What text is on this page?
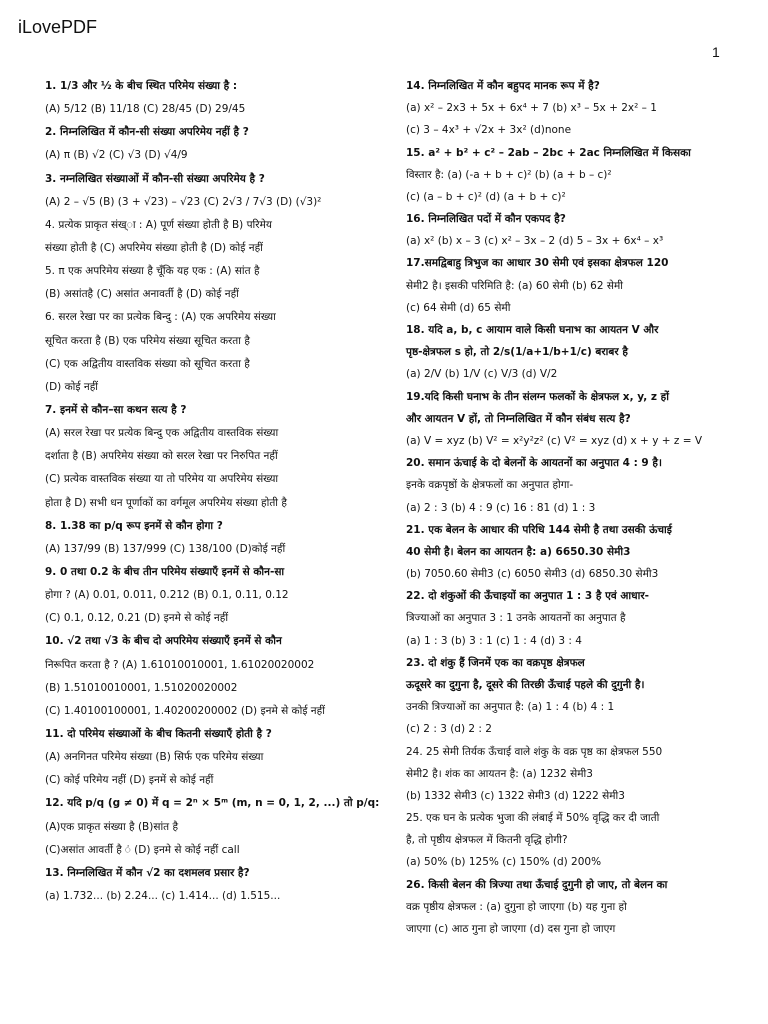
iLovePDF
1
1. 1/3 और ½ के बीच स्थित परिमेय संख्या है :
(A) 5/12 (B) 11/18 (C) 28/45 (D) 29/45
2. निम्नलिखित में कौन-सी संख्या अपरिमेय नहीं है ?
(A) π (B) √2 (C) √3 (D) √4/9
3. नम्नलिखित संख्याओं में कौन-सी संख्या अपरिमेय है ?
(A) 2 – √5 (B) (3 + √23) – √23 (C) 2√3 / 7√3 (D) (√3)²
4. प्रत्येक प्राकृत संख्ा : A) पूर्ण संख्या होती है B) परिमेय
संख्या होती है (C) अपरिमेय संख्या होती है (D) कोई नहीं
5. π एक अपरिमेय संख्या है चूँकि यह एक : (A) सांत है
(B) असांतहै (C) असांत अनावर्ती है (D) कोई नहीं
6. सरल रेखा पर का प्रत्येक बिन्दु : (A) एक अपरिमेय संख्या
सूचित करता है (B) एक परिमेय संख्या सूचित करता है
(C) एक अद्वितीय वास्तविक संख्या को सूचित करता है
(D) कोई नहीं
7. इनमें से कौन–सा कथन सत्य है ?
(A) सरल रेखा पर प्रत्येक बिन्दु एक अद्वितीय वास्तविक संख्या
दर्शाता है (B) अपरिमेय संख्या को सरल रेखा पर निरुपित नहीं
(C) प्रत्येक वास्तविक संख्या या तो परिमेय या अपरिमेय संख्या
होता है D) सभी धन पूर्णाकों का वर्गमूल अपरिमेय संख्या होती है
8. 1.38 का p/q रूप इनमें से कौन होगा ?
(A) 137/99 (B) 137/999 (C) 138/100 (D)कोई नहीं
9. 0 तथा 0.2 के बीच तीन परिमेय संख्याएँ इनमें से कौन-सा
होगा ? (A) 0.01, 0.011, 0.212 (B) 0.1, 0.11, 0.12
(C) 0.1, 0.12, 0.21 (D) इनमे से कोई नहीं
10. √2 तथा √3 के बीच दो अपरिमेय संख्याएँ इनमें से कौन
निरूपित करता है ? (A) 1.61010010001, 1.61020020002
(B) 1.51010010001, 1.51020020002
(C) 1.40100100001, 1.40200200002 (D) इनमे से कोई नहीं
11. दो परिमेय संख्याओं के बीच कितनी संख्याएँ होती है ?
(A) अनगिनत परिमेय संख्या (B) सिर्फ एक परिमेय संख्या
(C) कोई परिमेय नहीं (D) इनमें से कोई नहीं
12. यदि p/q (g ≠ 0) में q = 2ⁿ × 5ᵐ (m, n = 0, 1, 2, ...) तो p/q:
(A)एक प्राकृत संख्या है (B)सांत है
(C)असांत आवर्ती है ं (D) इनमे से कोई नहीं call
13. निम्नलिखित में कौन √2 का दशमलव प्रसार है?
(a) 1.732... (b) 2.24... (c) 1.414... (d) 1.515...
14. निम्नलिखित में कौन बहुपद मानक रूप में है?
(a) x² – 2x3 + 5x + 6x⁴ + 7 (b) x³ – 5x + 2x² – 1
(c) 3 – 4x³ + √2x + 3x² (d)none
15. a² + b² + c² – 2ab – 2bc + 2ac निम्नलिखित में किसका
विस्तार है: (a) (-a + b + c)² (b) (a + b – c)²
(c) (a – b + c)² (d) (a + b + c)²
16. निम्नलिखित पदों में कौन एकपद है?
(a) x² (b) x – 3 (c) x² – 3x – 2 (d) 5 – 3x + 6x⁴ – x³
17.समद्विबाहु त्रिभुज का आधार 30 सेमी एवं इसका क्षेत्रफल 120
सेमी2 है। इसकी परिमिति है: (a) 60 सेमी (b) 62 सेमी
(c) 64 सेमी (d) 65 सेमी
18. यदि a, b, c आयाम वाले किसी घनाभ का आयतन V और
पृष्ठ-क्षेत्रफल s हो, तो 2/s(1/a+1/b+1/c) बराबर है
(a) 2/V (b) 1/V (c) V/3 (d) V/2
19.यदि किसी घनाभ के तीन संलग्न फलकों के क्षेत्रफल x, y, z हों
और आयतन V हों, तो निम्नलिखित में कौन संबंध सत्य है?
(a) V = xyz (b) V² = x²y²z² (c) V² = xyz (d) x + y + z = V
20. समान ऊंचाई के दो बेलनों के आयतनों का अनुपात 4 : 9 है।
इनके वक्रपृष्ठों के क्षेत्रफलों का अनुपात होगा-
(a) 2 : 3 (b) 4 : 9 (c) 16 : 81 (d) 1 : 3
21. एक बेलन के आधार की परिधि 144 सेमी है तथा उसकी ऊंचाई
40 सेमी है। बेलन का आयतन है: a) 6650.30 सेमी3
(b) 7050.60 सेमी3 (c) 6050 सेमी3 (d) 6850.30 सेमी3
22. दो शंकुओं की ऊँचाइयों का अनुपात 1 : 3 है एवं आधार-
त्रिज्याओं का अनुपात 3 : 1 उनके आयतनों का अनुपात है
(a) 1 : 3 (b) 3 : 1 (c) 1 : 4 (d) 3 : 4
23. दो शंकु हैं जिनमें एक का वक्रपृष्ठ क्षेत्रफल
ऊदूसरे का दुगुना है, दूसरे की तिरछी ऊँचाई पहले की दुगुनी है।
उनकी त्रिज्याओं का अनुपात है: (a) 1 : 4 (b) 4 : 1
(c) 2 : 3 (d) 2 : 2
24. 25 सेमी तिर्यक ऊँचाई वाले शंकु के वक्र पृष्ठ का क्षेत्रफल 550
सेमी2 है। शंक का आयतन है: (a) 1232 सेमी3
(b) 1332 सेमी3 (c) 1322 सेमी3 (d) 1222 सेमी3
25. एक घन के प्रत्येक भुजा की लंबाई में 50% वृद्धि कर दी जाती
है, तो पृष्ठीय क्षेत्रफल में कितनी वृद्धि होगी?
(a) 50% (b) 125% (c) 150% (d) 200%
26. किसी बेलन की त्रिज्या तथा ऊँचाई दुगुनी हो जाए, तो बेलन का
वक्र पृष्ठीय क्षेत्रफल : (a) दुगुना हो जाएगा (b) यह गुना हो
जाएगा (c) आठ गुना हो जाएगा (d) दस गुना हो जाएग
